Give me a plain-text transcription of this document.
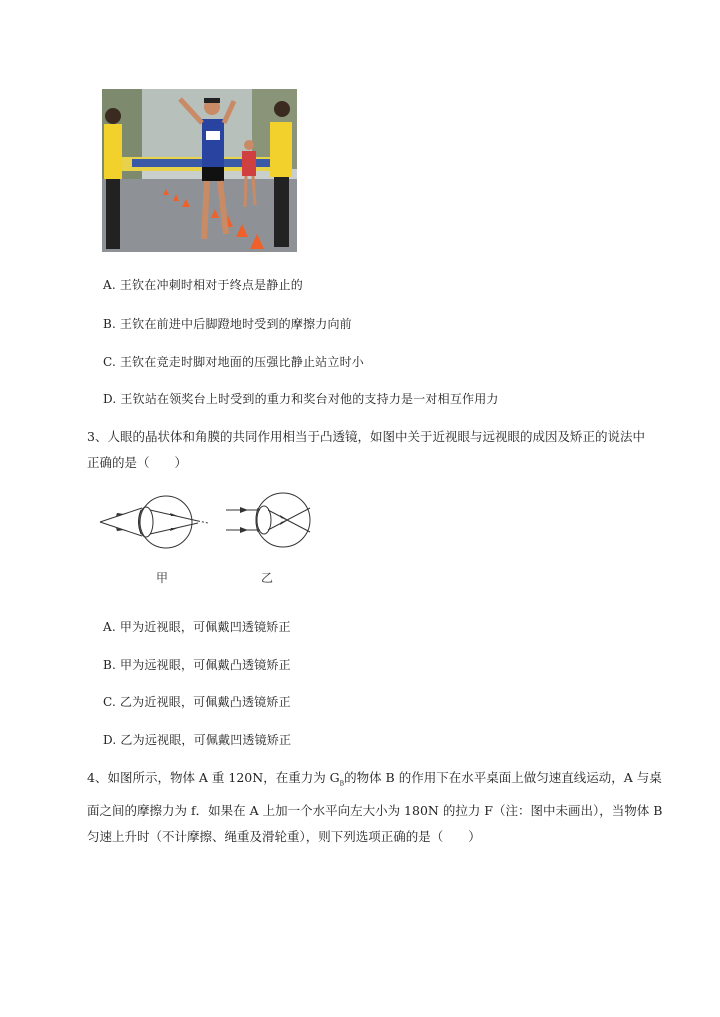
A. 王钦在冲刺时相对于终点是静止的
B. 王钦在前进中后脚蹬地时受到的摩擦力向前
C. 王钦在竞走时脚对地面的压强比静止站立时小
D. 王钦站在领奖台上时受到的重力和奖台对他的支持力是一对相互作用力
3、人眼的晶状体和角膜的共同作用相当于凸透镜，如图中关于近视眼与远视眼的成因及矫正的说法中
正确的是（　　）
甲	乙
A. 甲为近视眼，可佩戴凹透镜矫正
B. 甲为远视眼，可佩戴凸透镜矫正
C. 乙为近视眼，可佩戴凸透镜矫正
D. 乙为远视眼，可佩戴凹透镜矫正
4、如图所示，物体 A 重 120N，在重力为 $G_B$的物体 B 的作用下在水平桌面上做匀速直线运动，A 与桌
面之间的摩擦力为 f．如果在 A 上加一个水平向左大小为 180N 的拉力 F（注：图中未画出），当物体 B
匀速上升时（不计摩擦、绳重及滑轮重），则下列选项正确的是（　　）
